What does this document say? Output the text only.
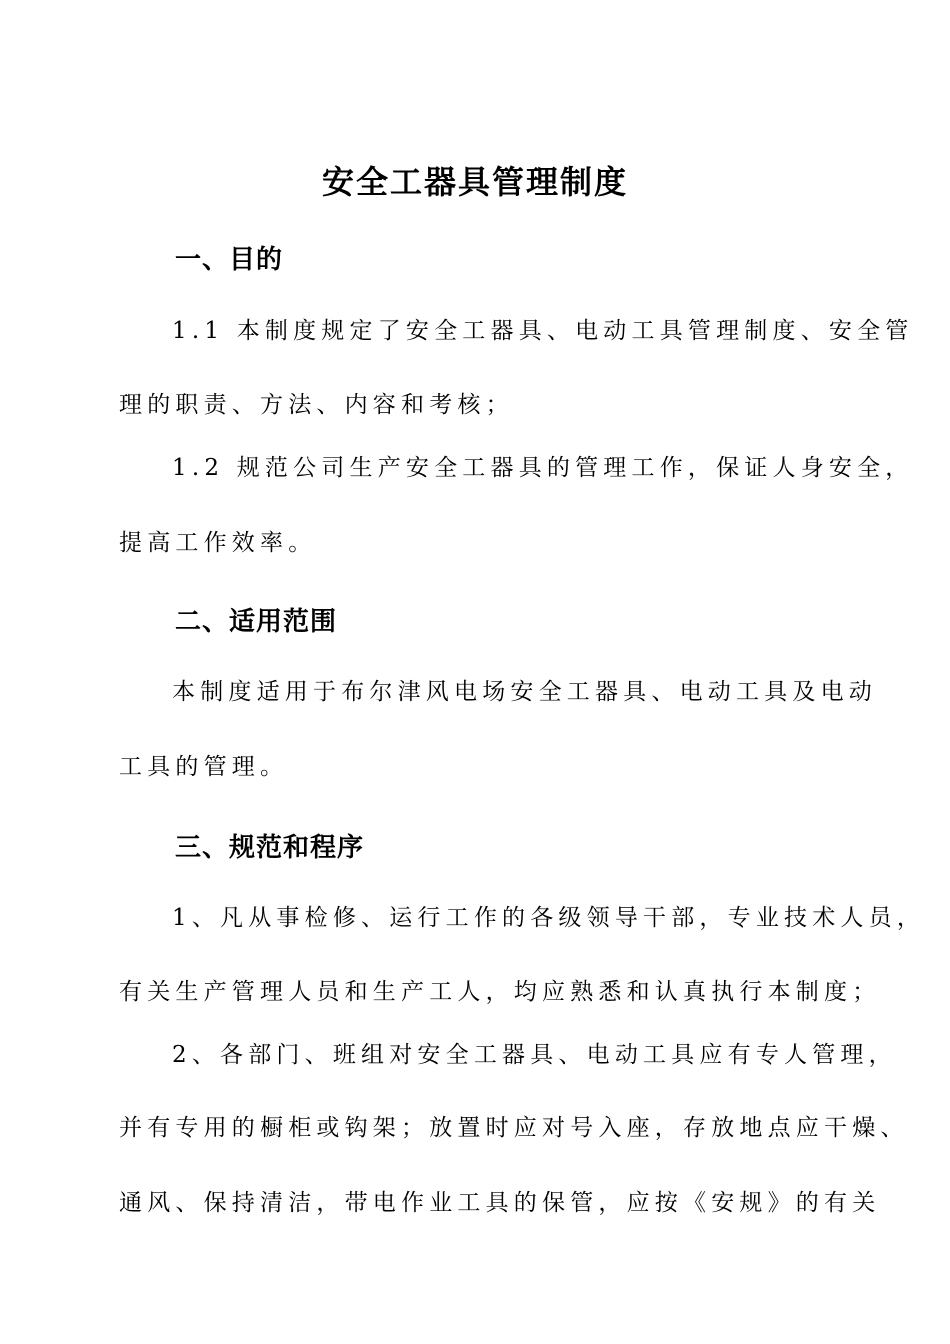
安全工器具管理制度
一、目的
1.1 本制度规定了安全工器具、电动工具管理制度、安全管
理的职责、方法、内容和考核；
1.2 规范公司生产安全工器具的管理工作，保证人身安全，
提高工作效率。
二、适用范围
本制度适用于布尔津风电场安全工器具、电动工具及电动
工具的管理。
三、规范和程序
1、凡从事检修、运行工作的各级领导干部，专业技术人员，
有关生产管理人员和生产工人，均应熟悉和认真执行本制度；
2、各部门、班组对安全工器具、电动工具应有专人管理，
并有专用的橱柜或钩架；放置时应对号入座，存放地点应干燥、
通风、保持清洁，带电作业工具的保管，应按《安规》的有关
